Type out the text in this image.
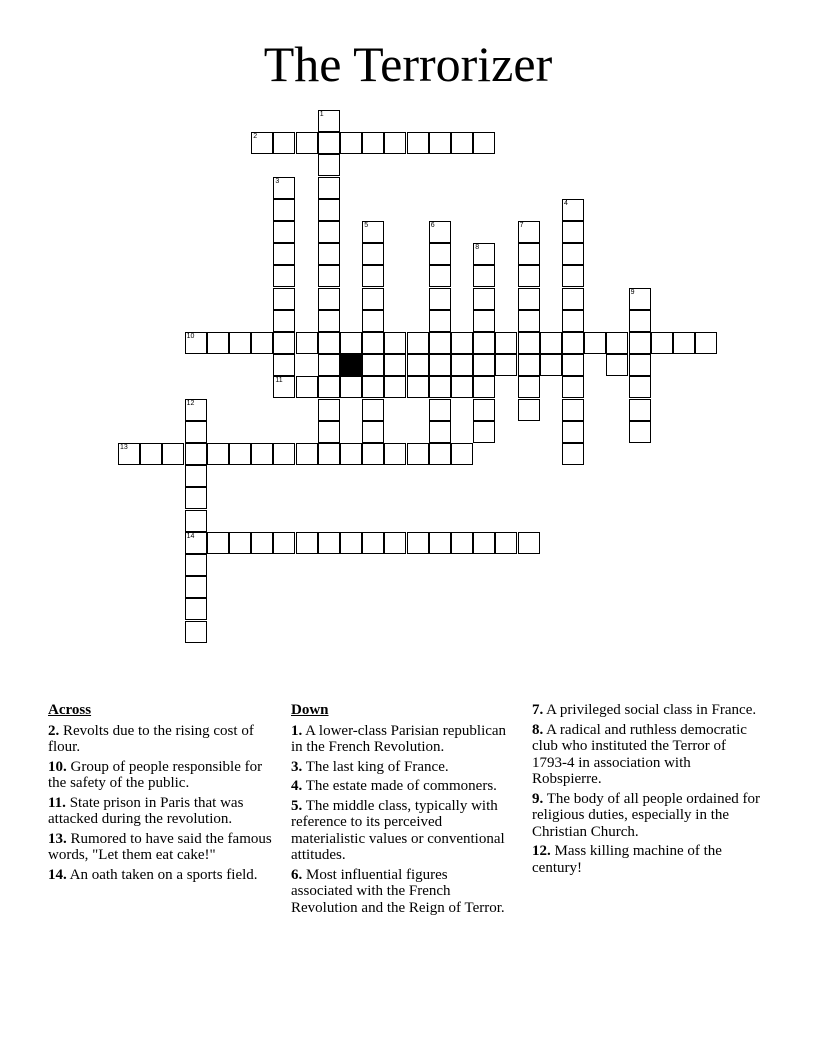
The Terrorizer
2
10
11
13
14
1
3
4
5	6	7
8
9
12
Across
2. Revolts due to the rising cost of flour.
10. Group of people responsible for the safety of the public.
11. State prison in Paris that was attacked during the revolution.
13. Rumored to have said the famous words, "Let them eat cake!"
14. An oath taken on a sports field.
Down
1. A lower-class Parisian republican in the French Revolution.
3. The last king of France.
4. The estate made of commoners.
5. The middle class, typically with reference to its perceived materialistic values or conventional attitudes.
6. Most influential figures associated with the French Revolution and the Reign of Terror.
7. A privileged social class in France.
8. A radical and ruthless democratic club who instituted the Terror of 1793-4 in association with Robspierre.
9. The body of all people ordained for religious duties, especially in the Christian Church.
12. Mass killing machine of the century!
